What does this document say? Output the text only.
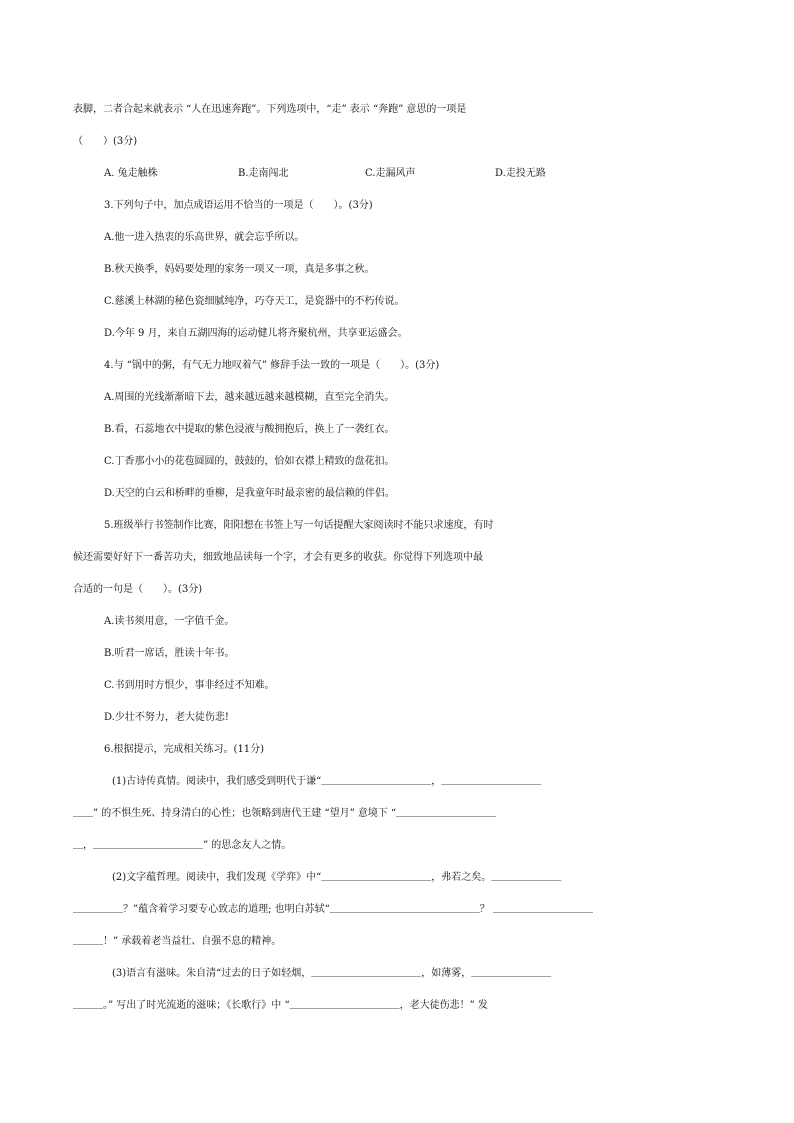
表脚，二者合起来就表示 “人在迅速奔跑”。下列选项中，“走” 表示 “奔跑” 意思的一项是
（　　）(3分)
A. 兔走触株	B.走南闯北	C.走漏风声	D.走投无路
3.下列句子中，加点成语运用不恰当的一项是（　　）。(3分)
A.他一进入热衷的乐高世界，就会忘乎所以。
B.秋天换季，妈妈要处理的家务一项又一项，真是多事之秋。
C.慈溪上林湖的秘色瓷细腻纯净，巧夺天工，是瓷器中的不朽传说。
D.今年 9 月，来自五湖四海的运动健儿将齐聚杭州，共享亚运盛会。
4.与 “锅中的粥，有气无力地叹着气” 修辞手法一致的一项是（　　）。(3分)
A.周围的光线渐渐暗下去，越来越远越来越模糊，直至完全消失。
B.看，石蕊地衣中提取的紫色浸液与酸拥抱后，换上了一袭红衣。
C.丁香那小小的花苞圆圆的，鼓鼓的，恰如衣襟上精致的盘花扣。
D.天空的白云和桥畔的垂柳，是我童年时最亲密的最信赖的伴侣。
5.班级举行书签制作比赛，阳阳想在书签上写一句话提醒大家阅读时不能只求速度，有时
候还需要好好下一番苦功夫，细致地品读每一个字，才会有更多的收获。你觉得下列选项中最
合适的一句是（　　）。(3分)
A.读书须用意，一字值千金。
B.听君一席话，胜读十年书。
C.书到用时方恨少，事非经过不知难。
D.少壮不努力，老大徒伤悲!
6.根据提示，完成相关练习。(11分)
(1)古诗传真情。阅读中，我们感受到明代于谦“＿＿＿＿＿＿＿＿＿＿＿，＿＿＿＿＿＿＿＿＿＿
＿＿” 的不惧生死、持身清白的心性；也领略到唐代王建 “望月” 意境下 “＿＿＿＿＿＿＿＿＿＿
＿，＿＿＿＿＿＿＿＿＿＿＿” 的思念友人之情。
(2)文字蕴哲理。阅读中，我们发现《学弈》中“＿＿＿＿＿＿＿＿＿＿＿，弗若之矣。＿＿＿＿＿＿＿
＿＿＿＿＿？”蕴含着学习要专心致志的道理; 也明白苏轼“＿＿＿＿＿＿＿＿＿＿＿＿＿＿＿？ ＿＿＿＿＿＿＿＿＿＿
＿＿＿！” 承载着老当益壮、自强不息的精神。
(3)语言有滋味。朱自清“过去的日子如轻烟，＿＿＿＿＿＿＿＿＿＿＿，如薄雾，＿＿＿＿＿＿＿＿
＿＿＿。” 写出了时光流逝的滋味；《长歌行》中 “＿＿＿＿＿＿＿＿＿＿＿，老大徒伤悲！” 发
